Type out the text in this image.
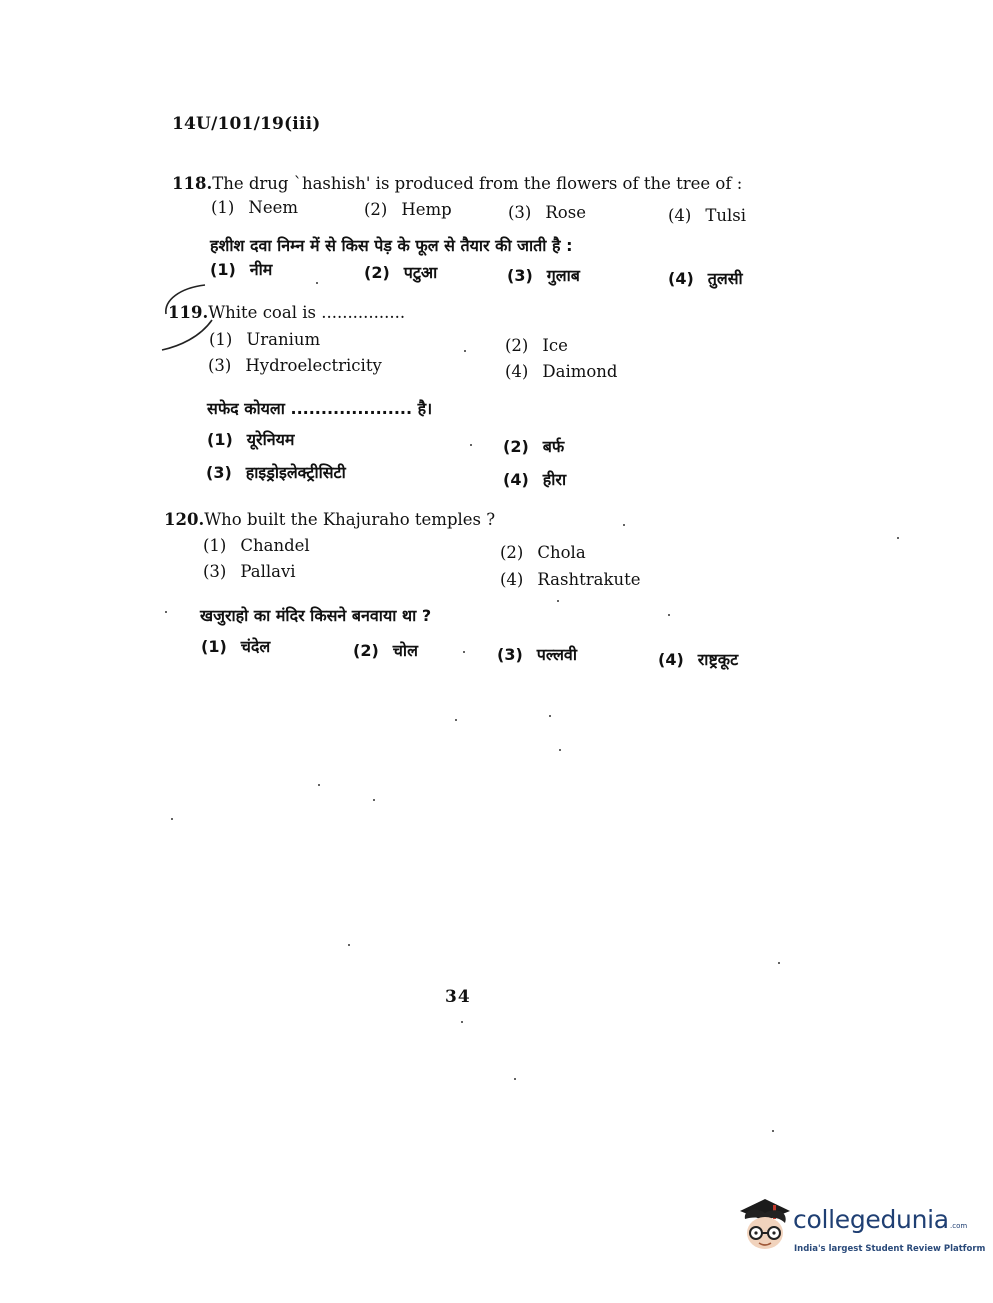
14U/101/19(iii)
118.The drug `hashish' is produced from the flowers of the tree of :
(1) Neem	(2) Hemp	(3) Rose	(4) Tulsi
हशीश दवा निम्न में से किस पेड़ के फूल से तैयार की जाती है :
(1) नीम	(2) पटुआ	(3) गुलाब	(4) तुलसी
119.White coal is ................
(1) Uranium	(2) Ice
(3) Hydroelectricity	(4) Daimond
सफेद कोयला .................... है।
(1) यूरेनियम	(2) बर्फ
(3) हाइड्रोइलेक्ट्रीसिटी	(4) हीरा
120.Who built the Khajuraho temples ?
(1) Chandel	(2) Chola
(3) Pallavi	(4) Rashtrakute
खजुराहो का मंदिर किसने बनवाया था ?
(1) चंदेल	(2) चोल	(3) पल्लवी	(4) राष्ट्रकूट
34
collegedunia .com
India's largest Student Review Platform
